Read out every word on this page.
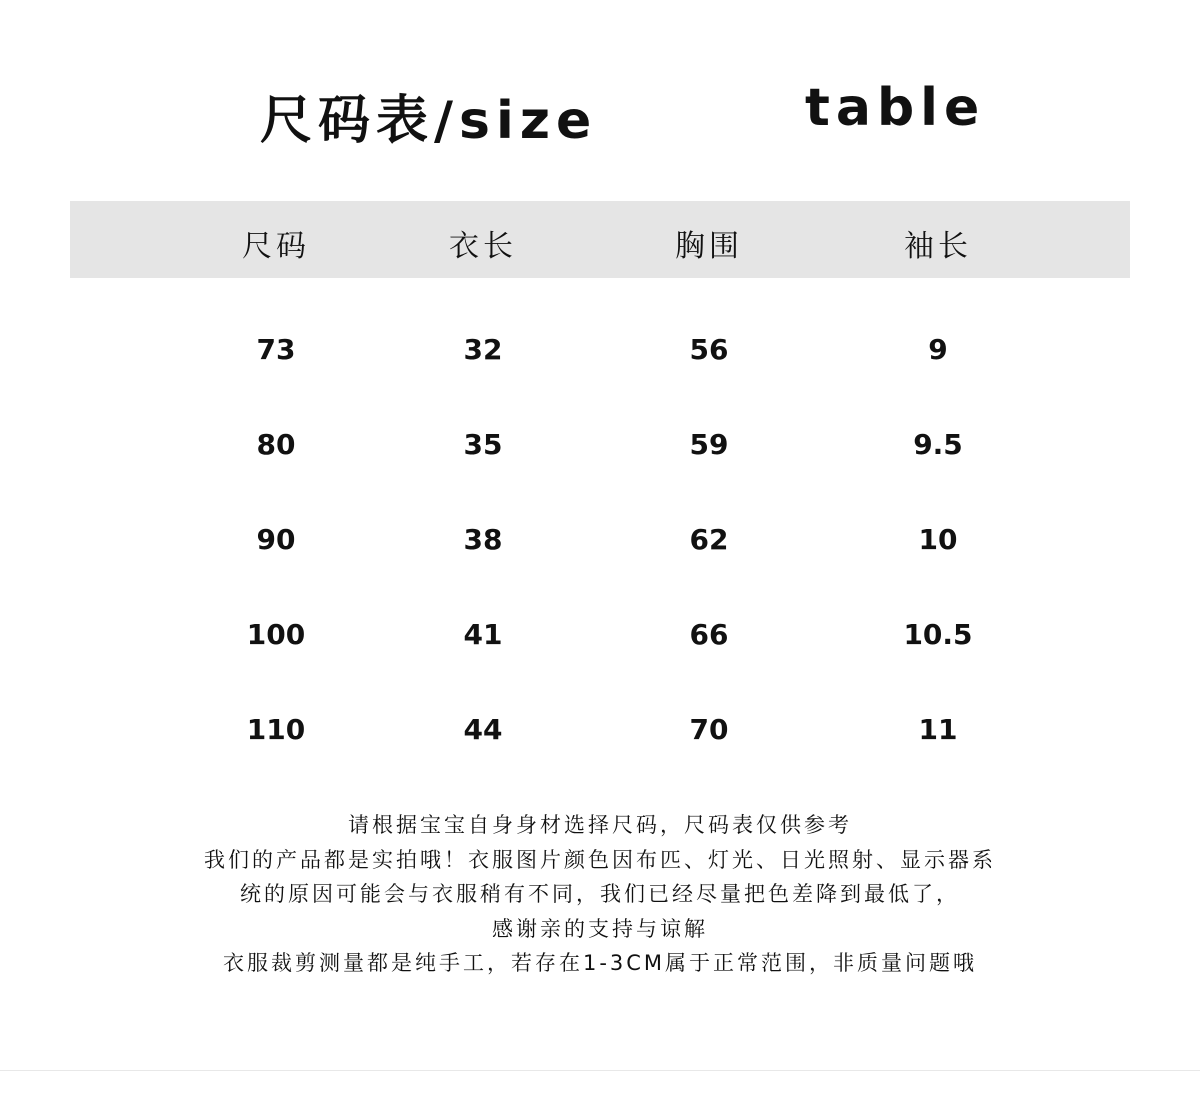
尺码表/size	table
尺码	衣长	胸围	袖长
73	32	56	9
80	35	59	9.5
90	38	62	10
100	41	66	10.5
110	44	70	11
请根据宝宝自身身材选择尺码，尺码表仅供参考
我们的产品都是实拍哦！衣服图片颜色因布匹、灯光、日光照射、显示器系
统的原因可能会与衣服稍有不同，我们已经尽量把色差降到最低了，
感谢亲的支持与谅解
衣服裁剪测量都是纯手工，若存在1-3CM属于正常范围，非质量问题哦
